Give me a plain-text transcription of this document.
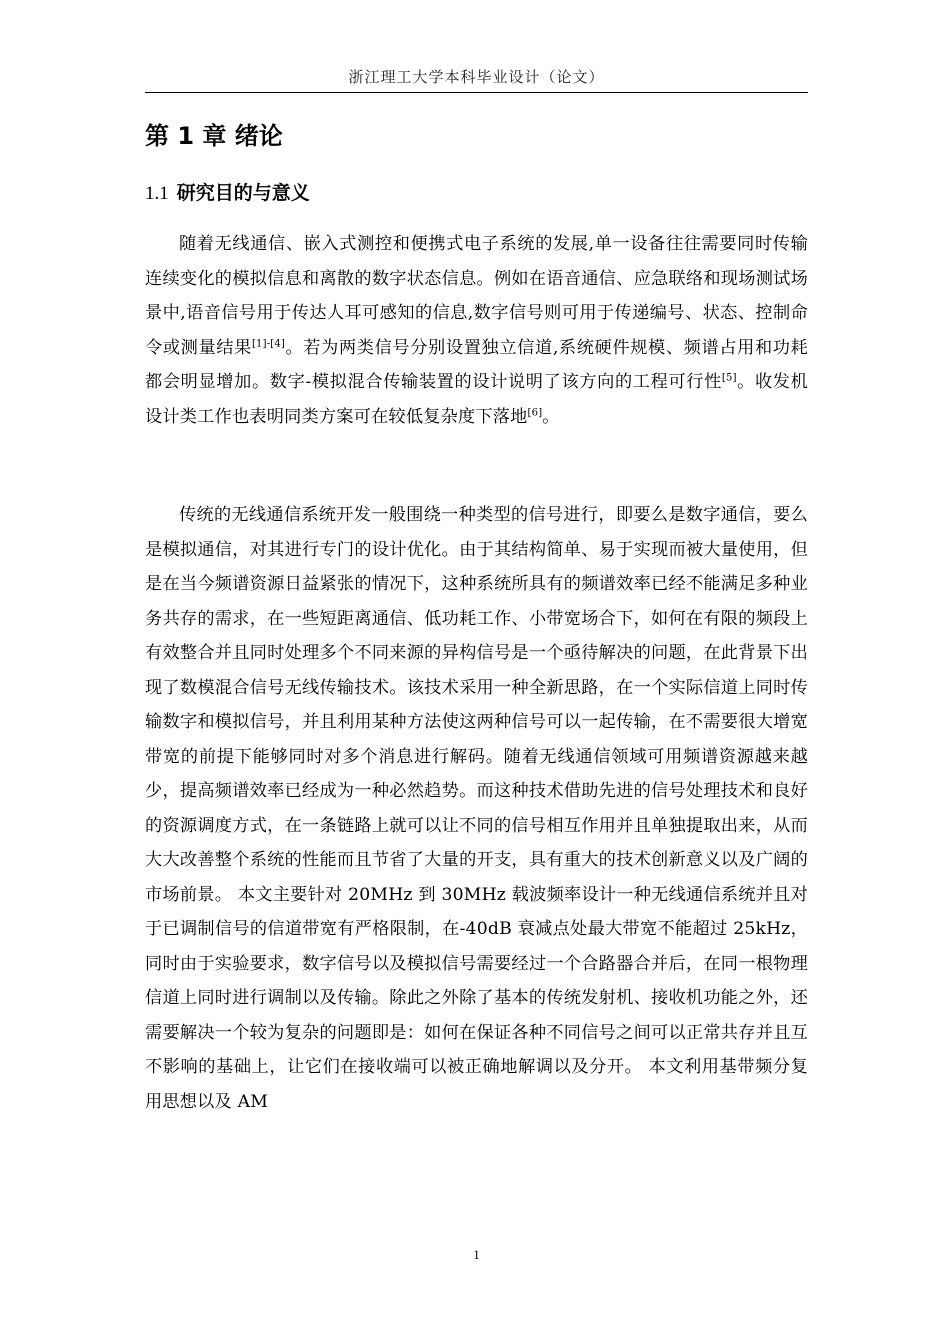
浙江理工大学本科毕业设计（论文）
第 1 章 绪论
1.1 研究目的与意义

随着无线通信、嵌入式测控和便携式电子系统的发展,单一设备往往需要同时传输连续变化的模拟信息和离散的数字状态信息。例如在语音通信、应急联络和现场测试场景中,语音信号用于传达人耳可感知的信息,数字信号则可用于传递编号、状态、控制命令或测量结果[1]-[4]。若为两类信号分别设置独立信道,系统硬件规模、频谱占用和功耗都会明显增加。数字-模拟混合传输装置的设计说明了该方向的工程可行性[5]。收发机设计类工作也表明同类方案可在较低复杂度下落地[6]。

传统的无线通信系统开发一般围绕一种类型的信号进行，即要么是数字通信，要么是模拟通信，对其进行专门的设计优化。由于其结构简单、易于实现而被大量使用，但是在当今频谱资源日益紧张的情况下，这种系统所具有的频谱效率已经不能满足多种业务共存的需求，在一些短距离通信、低功耗工作、小带宽场合下，如何在有限的频段上有效整合并且同时处理多个不同来源的异构信号是一个亟待解决的问题，在此背景下出现了数模混合信号无线传输技术。该技术采用一种全新思路，在一个实际信道上同时传输数字和模拟信号，并且利用某种方法使这两种信号可以一起传输，在不需要很大增宽带宽的前提下能够同时对多个消息进行解码。随着无线通信领域可用频谱资源越来越少，提高频谱效率已经成为一种必然趋势。而这种技术借助先进的信号处理技术和良好的资源调度方式，在一条链路上就可以让不同的信号相互作用并且单独提取出来，从而大大改善整个系统的性能而且节省了大量的开支，具有重大的技术创新意义以及广阔的市场前景。 本文主要针对 20MHz 到 30MHz 载波频率设计一种无线通信系统并且对于已调制信号的信道带宽有严格限制，在-40dB 衰减点处最大带宽不能超过 25kHz，同时由于实验要求，数字信号以及模拟信号需要经过一个合路器合并后，在同一根物理信道上同时进行调制以及传输。除此之外除了基本的传统发射机、接收机功能之外，还需要解决一个较为复杂的问题即是：如何在保证各种不同信号之间可以正常共存并且互不影响的基础上，让它们在接收端可以被正确地解调以及分开。 本文利用基带频分复用思想以及 AM

1
